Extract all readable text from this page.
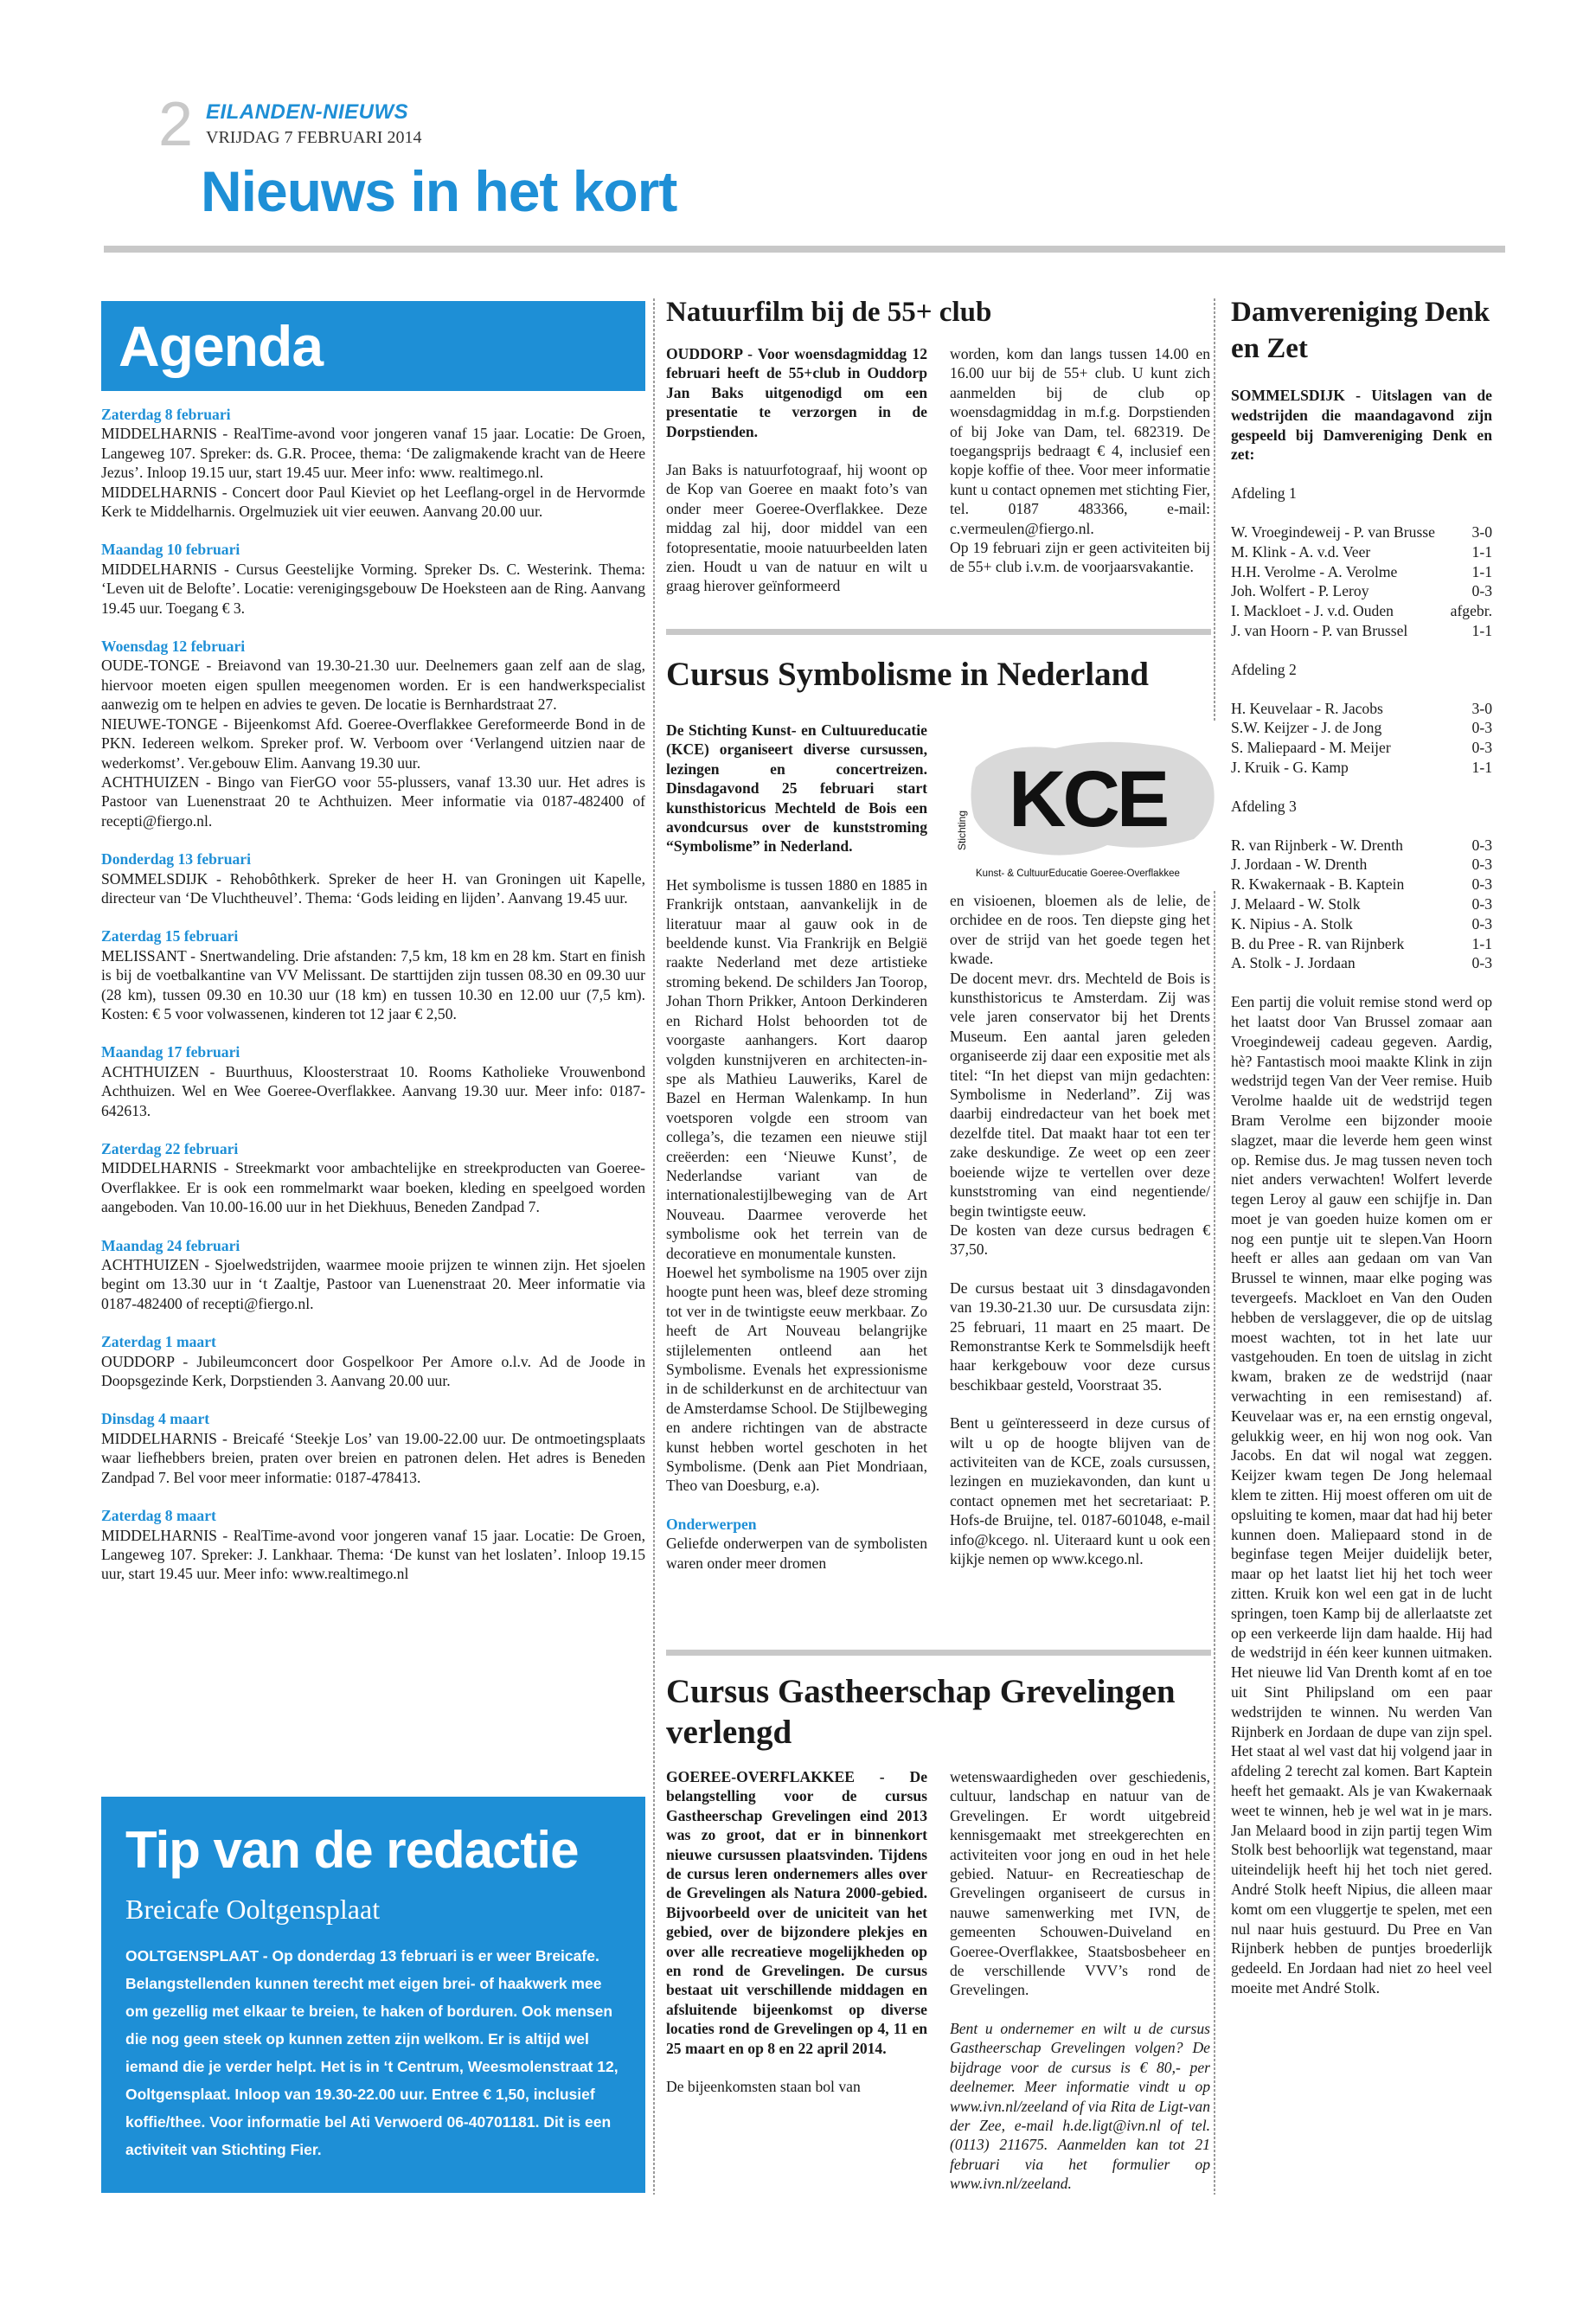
2 EILANDEN-NIEUWS
VRIJDAG 7 FEBRUARI 2014
Nieuws in het kort
Agenda
Zaterdag 8 februari

MIDDELHARNIS - RealTime-avond voor jongeren vanaf 15 jaar. Locatie: De Groen, Langeweg 107. Spreker: ds. G.R. Procee, thema: ‘De zaligmakende kracht van de Heere Jezus’. Inloop 19.15 uur, start 19.45 uur. Meer info: www. realtimego.nl.

MIDDELHARNIS - Concert door Paul Kieviet op het Leeflang-orgel in de Hervormde Kerk te Middelharnis. Orgelmuziek uit vier eeuwen. Aanvang 20.00 uur.

Maandag 10 februari

MIDDELHARNIS - Cursus Geestelijke Vorming. Spreker Ds. C. Westerink. Thema: ‘Leven uit de Belofte’. Locatie: verenigingsgebouw De Hoeksteen aan de Ring. Aanvang 19.45 uur. Toegang € 3.

Woensdag 12 februari

OUDE-TONGE - Breiavond van 19.30-21.30 uur. Deelnemers gaan zelf aan de slag, hiervoor moeten eigen spullen meegenomen worden. Er is een handwerkspecialist aanwezig om te helpen en advies te geven. De locatie is Bernhardstraat 27.

NIEUWE-TONGE - Bijeenkomst Afd. Goeree-Overflakkee Gereformeerde Bond in de PKN. Iedereen welkom. Spreker prof. W. Verboom over ‘Verlangend uitzien naar de wederkomst’. Ver.gebouw Elim. Aanvang 19.30 uur.

ACHTHUIZEN - Bingo van FierGO voor 55-plussers, vanaf 13.30 uur. Het adres is Pastoor van Luenenstraat 20 te Achthuizen. Meer informatie via 0187-482400 of recepti@fiergo.nl.

Donderdag 13 februari

SOMMELSDIJK - Rehobôthkerk. Spreker de heer H. van Groningen uit Kapelle, directeur van ‘De Vluchtheuvel’. Thema: ‘Gods leiding en lijden’. Aanvang 19.45 uur.

Zaterdag 15 februari

MELISSANT - Snertwandeling. Drie afstanden: 7,5 km, 18 km en 28 km. Start en finish is bij de voetbalkantine van VV Melissant. De starttijden zijn tussen 08.30 en 09.30 uur (28 km), tussen 09.30 en 10.30 uur (18 km) en tussen 10.30 en 12.00 uur (7,5 km). Kosten: € 5 voor volwassenen, kinderen tot 12 jaar € 2,50.

Maandag 17 februari

ACHTHUIZEN - Buurthuus, Kloosterstraat 10. Rooms Katholieke Vrouwenbond Achthuizen. Wel en Wee Goeree-Overflakkee. Aanvang 19.30 uur. Meer info: 0187-642613.

Zaterdag 22 februari

MIDDELHARNIS - Streekmarkt voor ambachtelijke en streekproducten van Goeree-Overflakkee. Er is ook een rommelmarkt waar boeken, kleding en speelgoed worden aangeboden. Van 10.00-16.00 uur in het Diekhuus, Beneden Zandpad 7.

Maandag 24 februari

ACHTHUIZEN - Sjoelwedstrijden, waarmee mooie prijzen te winnen zijn. Het sjoelen begint om 13.30 uur in ‘t Zaaltje, Pastoor van Luenenstraat 20. Meer informatie via 0187-482400 of recepti@fiergo.nl.

Zaterdag 1 maart

OUDDORP - Jubileumconcert door Gospelkoor Per Amore o.l.v. Ad de Joode in Doopsgezinde Kerk, Dorpstienden 3. Aanvang 20.00 uur.

Dinsdag 4 maart

MIDDELHARNIS - Breicafé ‘Steekje Los’ van 19.00-22.00 uur. De ontmoetingsplaats waar liefhebbers breien, praten over breien en patronen delen. Het adres is Beneden Zandpad 7. Bel voor meer informatie: 0187-478413.

Zaterdag 8 maart

MIDDELHARNIS - RealTime-avond voor jongeren vanaf 15 jaar. Locatie: De Groen, Langeweg 107. Spreker: J. Lankhaar. Thema: ‘De kunst van het loslaten’. Inloop 19.15 uur, start 19.45 uur. Meer info: www.realtimego.nl

Tip van de redactie
Breicafe Ooltgensplaat

OOLTGENSPLAAT - Op donderdag 13 februari is er weer Breicafe. Belangstellenden kunnen terecht met eigen brei- of haakwerk mee om gezellig met elkaar te breien, te haken of borduren. Ook mensen die nog geen steek op kunnen zetten zijn welkom. Er is altijd wel iemand die je verder helpt. Het is in ‘t Centrum, Weesmolenstraat 12, Ooltgensplaat. Inloop van 19.30-22.00 uur. Entree € 1,50, inclusief koffie/thee. Voor informatie bel Ati Verwoerd 06-40701181. Dit is een activiteit van Stichting Fier.

Natuurfilm bij de 55+ club

OUDDORP - Voor woensdagmiddag 12 februari heeft de 55+club in Ouddorp Jan Baks uitgenodigd om een presentatie te verzorgen in de Dorpstienden.

Jan Baks is natuurfotograaf, hij woont op de Kop van Goeree en maakt foto’s van onder meer Goeree-Overflakkee. Deze middag zal hij, door middel van een fotopresentatie, mooie natuurbeelden laten zien. Houdt u van de natuur en wilt u graag hierover geïnformeerd

worden, kom dan langs tussen 14.00 en 16.00 uur bij de 55+ club. U kunt zich aanmelden bij de club op woensdagmiddag in m.f.g. Dorpstienden of bij Joke van Dam, tel. 682319. De toegangsprijs bedraagt € 4, inclusief een kopje koffie of thee. Voor meer informatie kunt u contact opnemen met stichting Fier, tel. 0187 483366, e-mail: c.vermeulen@fiergo.nl.

Op 19 februari zijn er geen activiteiten bij de 55+ club i.v.m. de voorjaarsvakantie.

Cursus Symbolisme in Nederland

De Stichting Kunst- en Cultuureducatie (KCE) organiseert diverse cursussen, lezingen en concertreizen. Dinsdagavond 25 februari start kunsthistoricus Mechteld de Bois een avondcursus over de kunststroming “Symbolisme” in Nederland.

Het symbolisme is tussen 1880 en 1885 in Frankrijk ontstaan, aanvankelijk in de literatuur maar al gauw ook in de beeldende kunst. Via Frankrijk en België raakte Nederland met deze artistieke stroming bekend. De schilders Jan Toorop, Johan Thorn Prikker, Antoon Derkinderen en Richard Holst behoorden tot de voorgaste aanhangers. Kort daarop volgden kunstnijveren en architecten-in-spe als Mathieu Lauweriks, Karel de Bazel en Herman Walenkamp. In hun voetsporen volgde een stroom van collega’s, die tezamen een nieuwe stijl creëerden: een ‘Nieuwe Kunst’, de Nederlandse variant van de internationalestijlbeweging van de Art Nouveau. Daarmee veroverde het symbolisme ook het terrein van de decoratieve en monumentale kunsten.

Hoewel het symbolisme na 1905 over zijn hoogte punt heen was, bleef deze stroming tot ver in de twintigste eeuw merkbaar. Zo heeft de Art Nouveau belangrijke stijlelementen ontleend aan het Symbolisme. Evenals het expressionisme in de schilderkunst en de architectuur van de Amsterdamse School. De Stijlbeweging en andere richtingen van de abstracte kunst hebben wortel geschoten in het Symbolisme. (Denk aan Piet Mondriaan, Theo van Doesburg, e.a).

Onderwerpen

Geliefde onderwerpen van de symbolisten waren onder meer dromen

KCE
Stichting
Kunst- & CultuurEducatie Goeree-Overflakkee

en visioenen, bloemen als de lelie, de orchidee en de roos. Ten diepste ging het over de strijd van het goede tegen het kwade.

De docent mevr. drs. Mechteld de Bois is kunsthistoricus te Amsterdam. Zij was vele jaren conservator bij het Drents Museum. Een aantal jaren geleden organiseerde zij daar een expositie met als titel: “In het diepst van mijn gedachten: Symbolisme in Nederland”. Zij was daarbij eindredacteur van het boek met dezelfde titel. Dat maakt haar tot een ter zake deskundige. Ze weet op een zeer boeiende wijze te vertellen over deze kunststroming van eind negentiende/ begin twintigste eeuw.

De kosten van deze cursus bedragen € 37,50.

De cursus bestaat uit 3 dinsdagavonden van 19.30-21.30 uur. De cursusdata zijn: 25 februari, 11 maart en 25 maart. De Remonstrantse Kerk te Sommelsdijk heeft haar kerkgebouw voor deze cursus beschikbaar gesteld, Voorstraat 35.

Bent u geïnteresseerd in deze cursus of wilt u op de hoogte blijven van de activiteiten van de KCE, zoals cursussen, lezingen en muziekavonden, dan kunt u contact opnemen met het secretariaat: P. Hofs-de Bruijne, tel. 0187-601048, e-mail info@kcego. nl. Uiteraard kunt u ook een kijkje nemen op www.kcego.nl.

Cursus Gastheerschap Grevelingen verlengd

GOEREE-OVERFLAKKEE - De belangstelling voor de cursus Gastheerschap Grevelingen eind 2013 was zo groot, dat er in binnenkort nieuwe cursussen plaatsvinden. Tijdens de cursus leren ondernemers alles over de Grevelingen als Natura 2000-gebied. Bijvoorbeeld over de uniciteit van het gebied, over de bijzondere plekjes en over alle recreatieve mogelijkheden op en rond de Grevelingen. De cursus bestaat uit verschillende middagen en afsluitende bijeenkomst op diverse locaties rond de Grevelingen op 4, 11 en 25 maart en op 8 en 22 april 2014.

De bijeenkomsten staan bol van

wetenswaardigheden over geschiedenis, cultuur, landschap en natuur van de Grevelingen. Er wordt uitgebreid kennisgemaakt met streekgerechten en activiteiten voor jong en oud in het hele gebied. Natuur- en Recreatieschap de Grevelingen organiseert de cursus in nauwe samenwerking met IVN, de gemeenten Schouwen-Duiveland en Goeree-Overflakkee, Staatsbosbeheer en de verschillende VVV’s rond de Grevelingen.

Bent u ondernemer en wilt u de cursus Gastheerschap Grevelingen volgen? De bijdrage voor de cursus is € 80,- per deelnemer. Meer informatie vindt u op www.ivn.nl/zeeland of via Rita de Ligt-van der Zee, e-mail h.de.ligt@ivn.nl of tel. (0113) 211675. Aanmelden kan tot 21 februari via het formulier op www.ivn.nl/zeeland.

Damvereniging Denk en Zet

SOMMELSDIJK - Uitslagen van de wedstrijden die maandagavond zijn gespeeld bij Damvereniging Denk en zet:

Afdeling 1

W. Vroegindeweij - P. van Brusse 3-0
M. Klink - A. v.d. Veer	1-1
H.H. Verolme - A. Verolme	1-1
Joh. Wolfert - P. Leroy	0-3
I. Mackloet - J. v.d. Ouden	afgebr.
J. van Hoorn - P. van Brussel	1-1

Afdeling 2

H. Keuvelaar - R. Jacobs	3-0
S.W. Keijzer - J. de Jong	0-3
S. Maliepaard - M. Meijer	0-3
J. Kruik - G. Kamp	1-1

Afdeling 3

R. van Rijnberk - W. Drenth	0-3
J. Jordaan - W. Drenth	0-3
R. Kwakernaak - B. Kaptein	0-3
J. Melaard - W. Stolk	0-3
K. Nipius - A. Stolk	0-3
B. du Pree - R. van Rijnberk	1-1
A. Stolk - J. Jordaan	0-3

Een partij die voluit remise stond werd op het laatst door Van Brussel zomaar aan Vroegindeweij cadeau gegeven. Aardig, hè? Fantastisch mooi maakte Klink in zijn wedstrijd tegen Van der Veer remise. Huib Verolme haalde uit de wedstrijd tegen Bram Verolme een bijzonder mooie slagzet, maar die leverde hem geen winst op. Remise dus. Je mag tussen neven toch niet anders verwachten! Wolfert leverde tegen Leroy al gauw een schijfje in. Dan moet je van goeden huize komen om er nog een puntje uit te slepen.Van Hoorn heeft er alles aan gedaan om van Van Brussel te winnen, maar elke poging was tevergeefs. Mackloet en Van den Ouden hebben de verslaggever, die op de uitslag moest wachten, tot in het late uur vastgehouden. En toen de uitslag in zicht kwam, braken ze de wedstrijd (naar verwachting in een remisestand) af. Keuvelaar was er, na een ernstig ongeval, gelukkig weer, en hij won nog ook. Van Jacobs. En dat wil nogal wat zeggen. Keijzer kwam tegen De Jong helemaal klem te zitten. Hij moest offeren om uit de opsluiting te komen, maar dat had hij beter kunnen doen. Maliepaard stond in de beginfase tegen Meijer duidelijk beter, maar op het laatst liet hij het toch weer zitten. Kruik kon wel een gat in de lucht springen, toen Kamp bij de allerlaatste zet op een verkeerde lijn dam haalde. Hij had de wedstrijd in één keer kunnen uitmaken. Het nieuwe lid Van Drenth komt af en toe uit Sint Philipsland om een paar wedstrijden te winnen. Nu werden Van Rijnberk en Jordaan de dupe van zijn spel. Het staat al wel vast dat hij volgend jaar in afdeling 2 terecht zal komen. Bart Kaptein heeft het gemaakt. Als je van Kwakernaak weet te winnen, heb je wel wat in je mars. Jan Melaard bood in zijn partij tegen Wim Stolk best behoorlijk wat tegenstand, maar uiteindelijk heeft hij het toch niet gered. André Stolk heeft Nipius, die alleen maar komt om een vluggertje te spelen, met een nul naar huis gestuurd. Du Pree en Van Rijnberk hebben de puntjes broederlijk gedeeld. En Jordaan had niet zo heel veel moeite met André Stolk.
